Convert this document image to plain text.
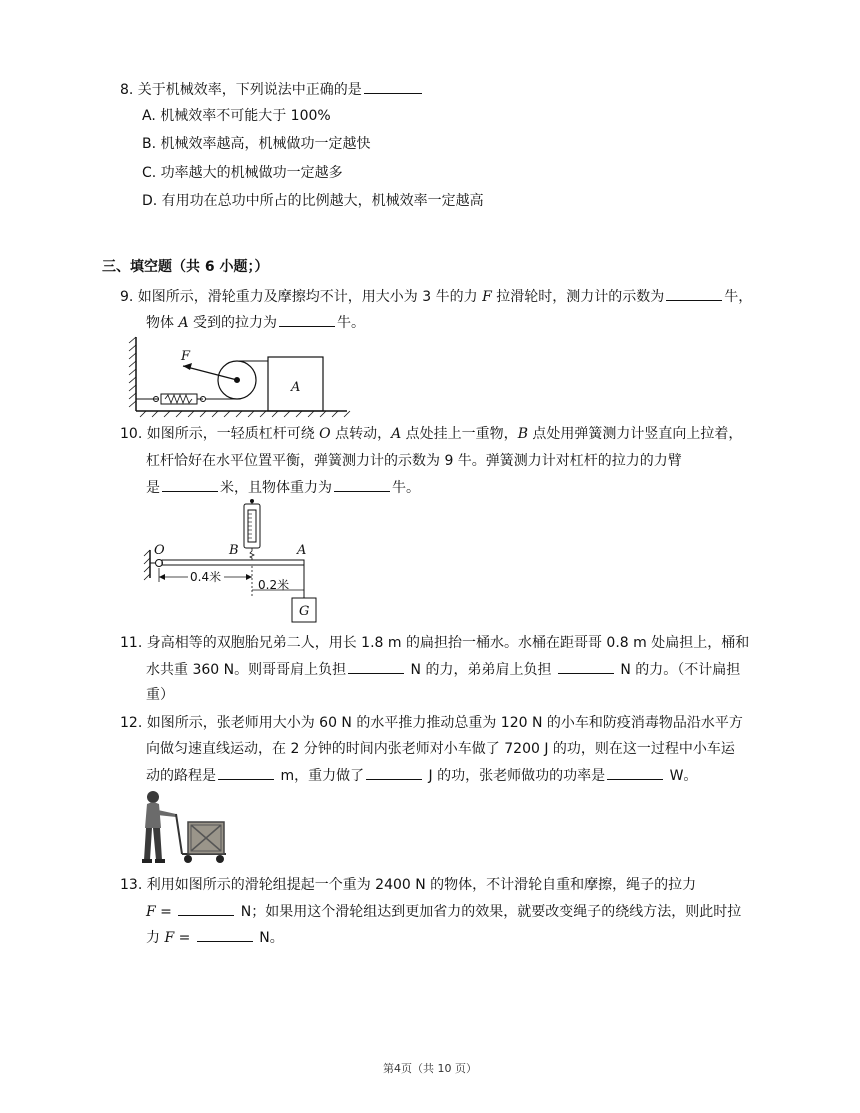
8. 关于机械效率，下列说法中正确的是
A. 机械效率不可能大于 100%
B. 机械效率越高，机械做功一定越快
C. 功率越大的机械做功一定越多
D. 有用功在总功中所占的比例越大，机械效率一定越高
三、填空题（共 6 小题；）
9. 如图所示，滑轮重力及摩擦均不计，用大小为 3 牛的力 F 拉滑轮时，测力计的示数为	牛，
物体 A 受到的拉力为	牛。
F
A
10. 如图所示，一轻质杠杆可绕 O 点转动，A 点处挂上一重物，B 点处用弹簧测力计竖直向上拉着，
杠杆恰好在水平位置平衡，弹簧测力计的示数为 9 牛。弹簧测力计对杠杆的拉力的力臂
是	米，且物体重力为	牛。
O	B	A
0.4米
0.2米
G
11. 身高相等的双胞胎兄弟二人，用长 1.8 m 的扁担抬一桶水。水桶在距哥哥 0.8 m 处扁担上，桶和
水共重 360 N。则哥哥肩上负担	N 的力，弟弟肩上负担	N 的力。（不计扁担
重）
12. 如图所示，张老师用大小为 60 N 的水平推力推动总重为 120 N 的小车和防疫消毒物品沿水平方
向做匀速直线运动，在 2 分钟的时间内张老师对小车做了 7200 J 的功，则在这一过程中小车运
动的路程是	m，重力做了	J 的功，张老师做功的功率是	W。
13. 利用如图所示的滑轮组提起一个重为 2400 N 的物体，不计滑轮自重和摩擦，绳子的拉力
F =	N；如果用这个滑轮组达到更加省力的效果，就要改变绳子的绕线方法，则此时拉
力 F =	N。
第4页（共 10 页）
